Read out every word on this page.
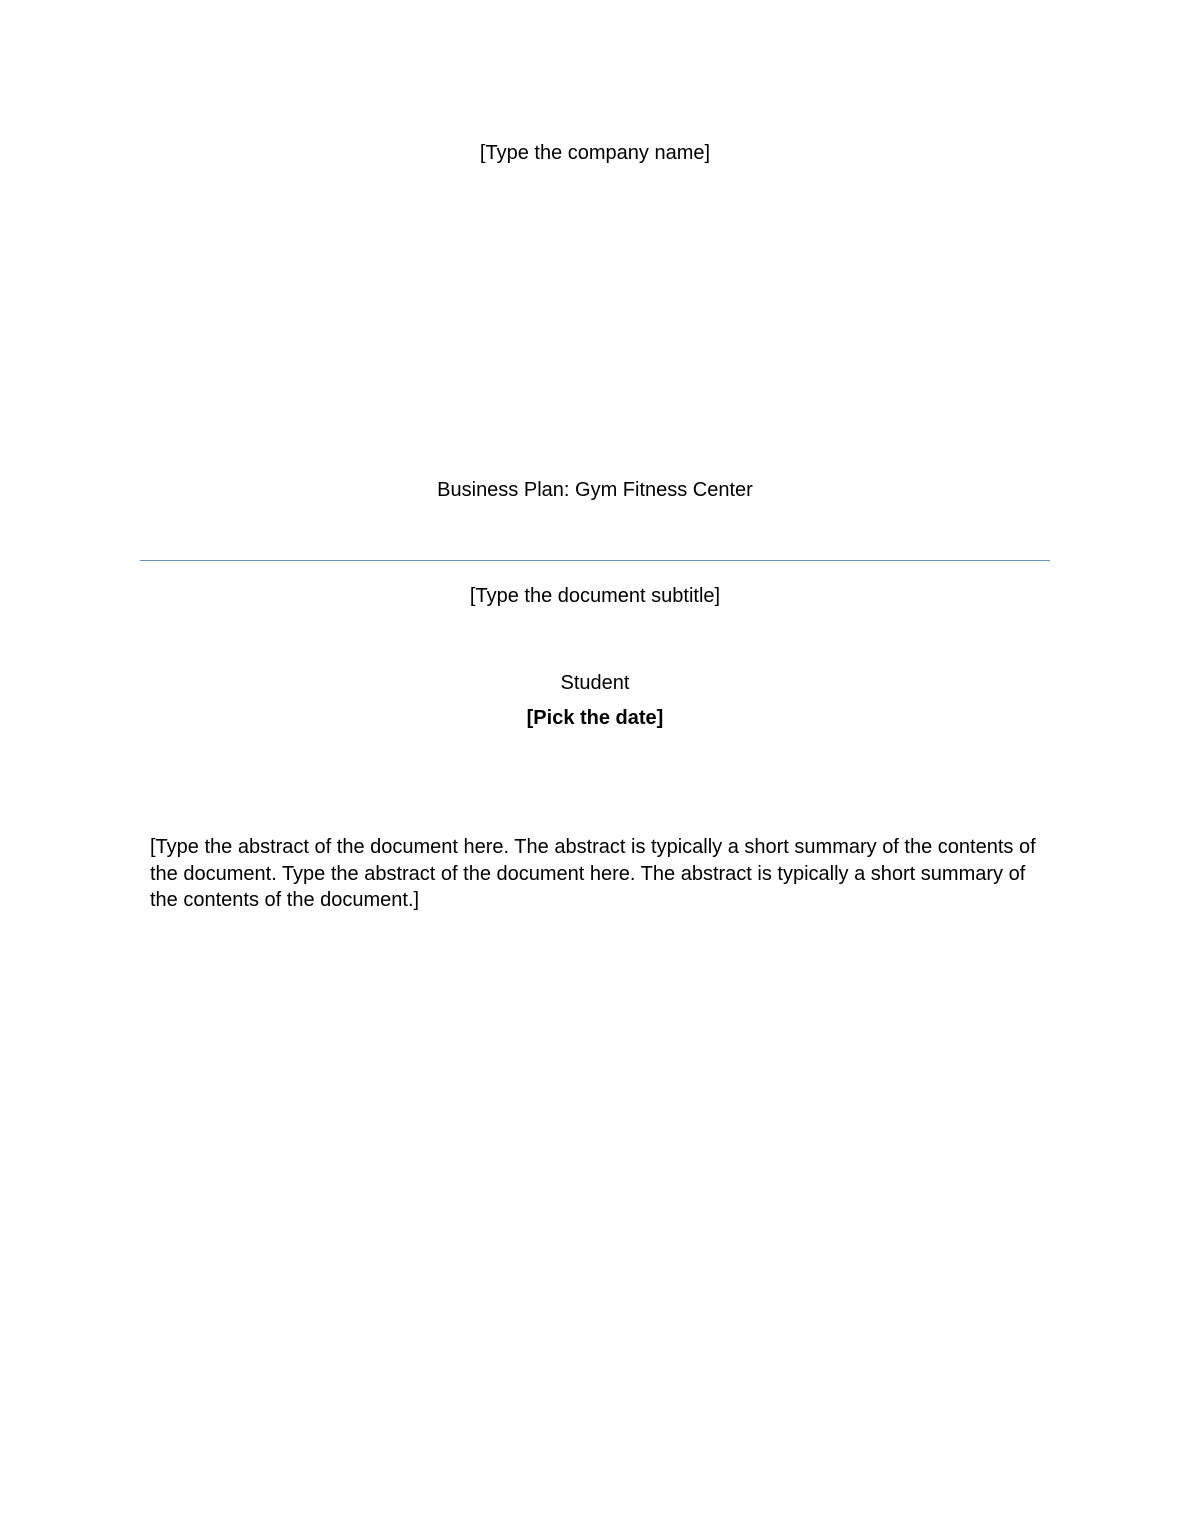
[Type the company name]
Business Plan: Gym Fitness Center
[Type the document subtitle]
Student
[Pick the date]
[Type the abstract of the document here. The abstract is typically a short summary of the contents of the document. Type the abstract of the document here. The abstract is typically a short summary of the contents of the document.]
